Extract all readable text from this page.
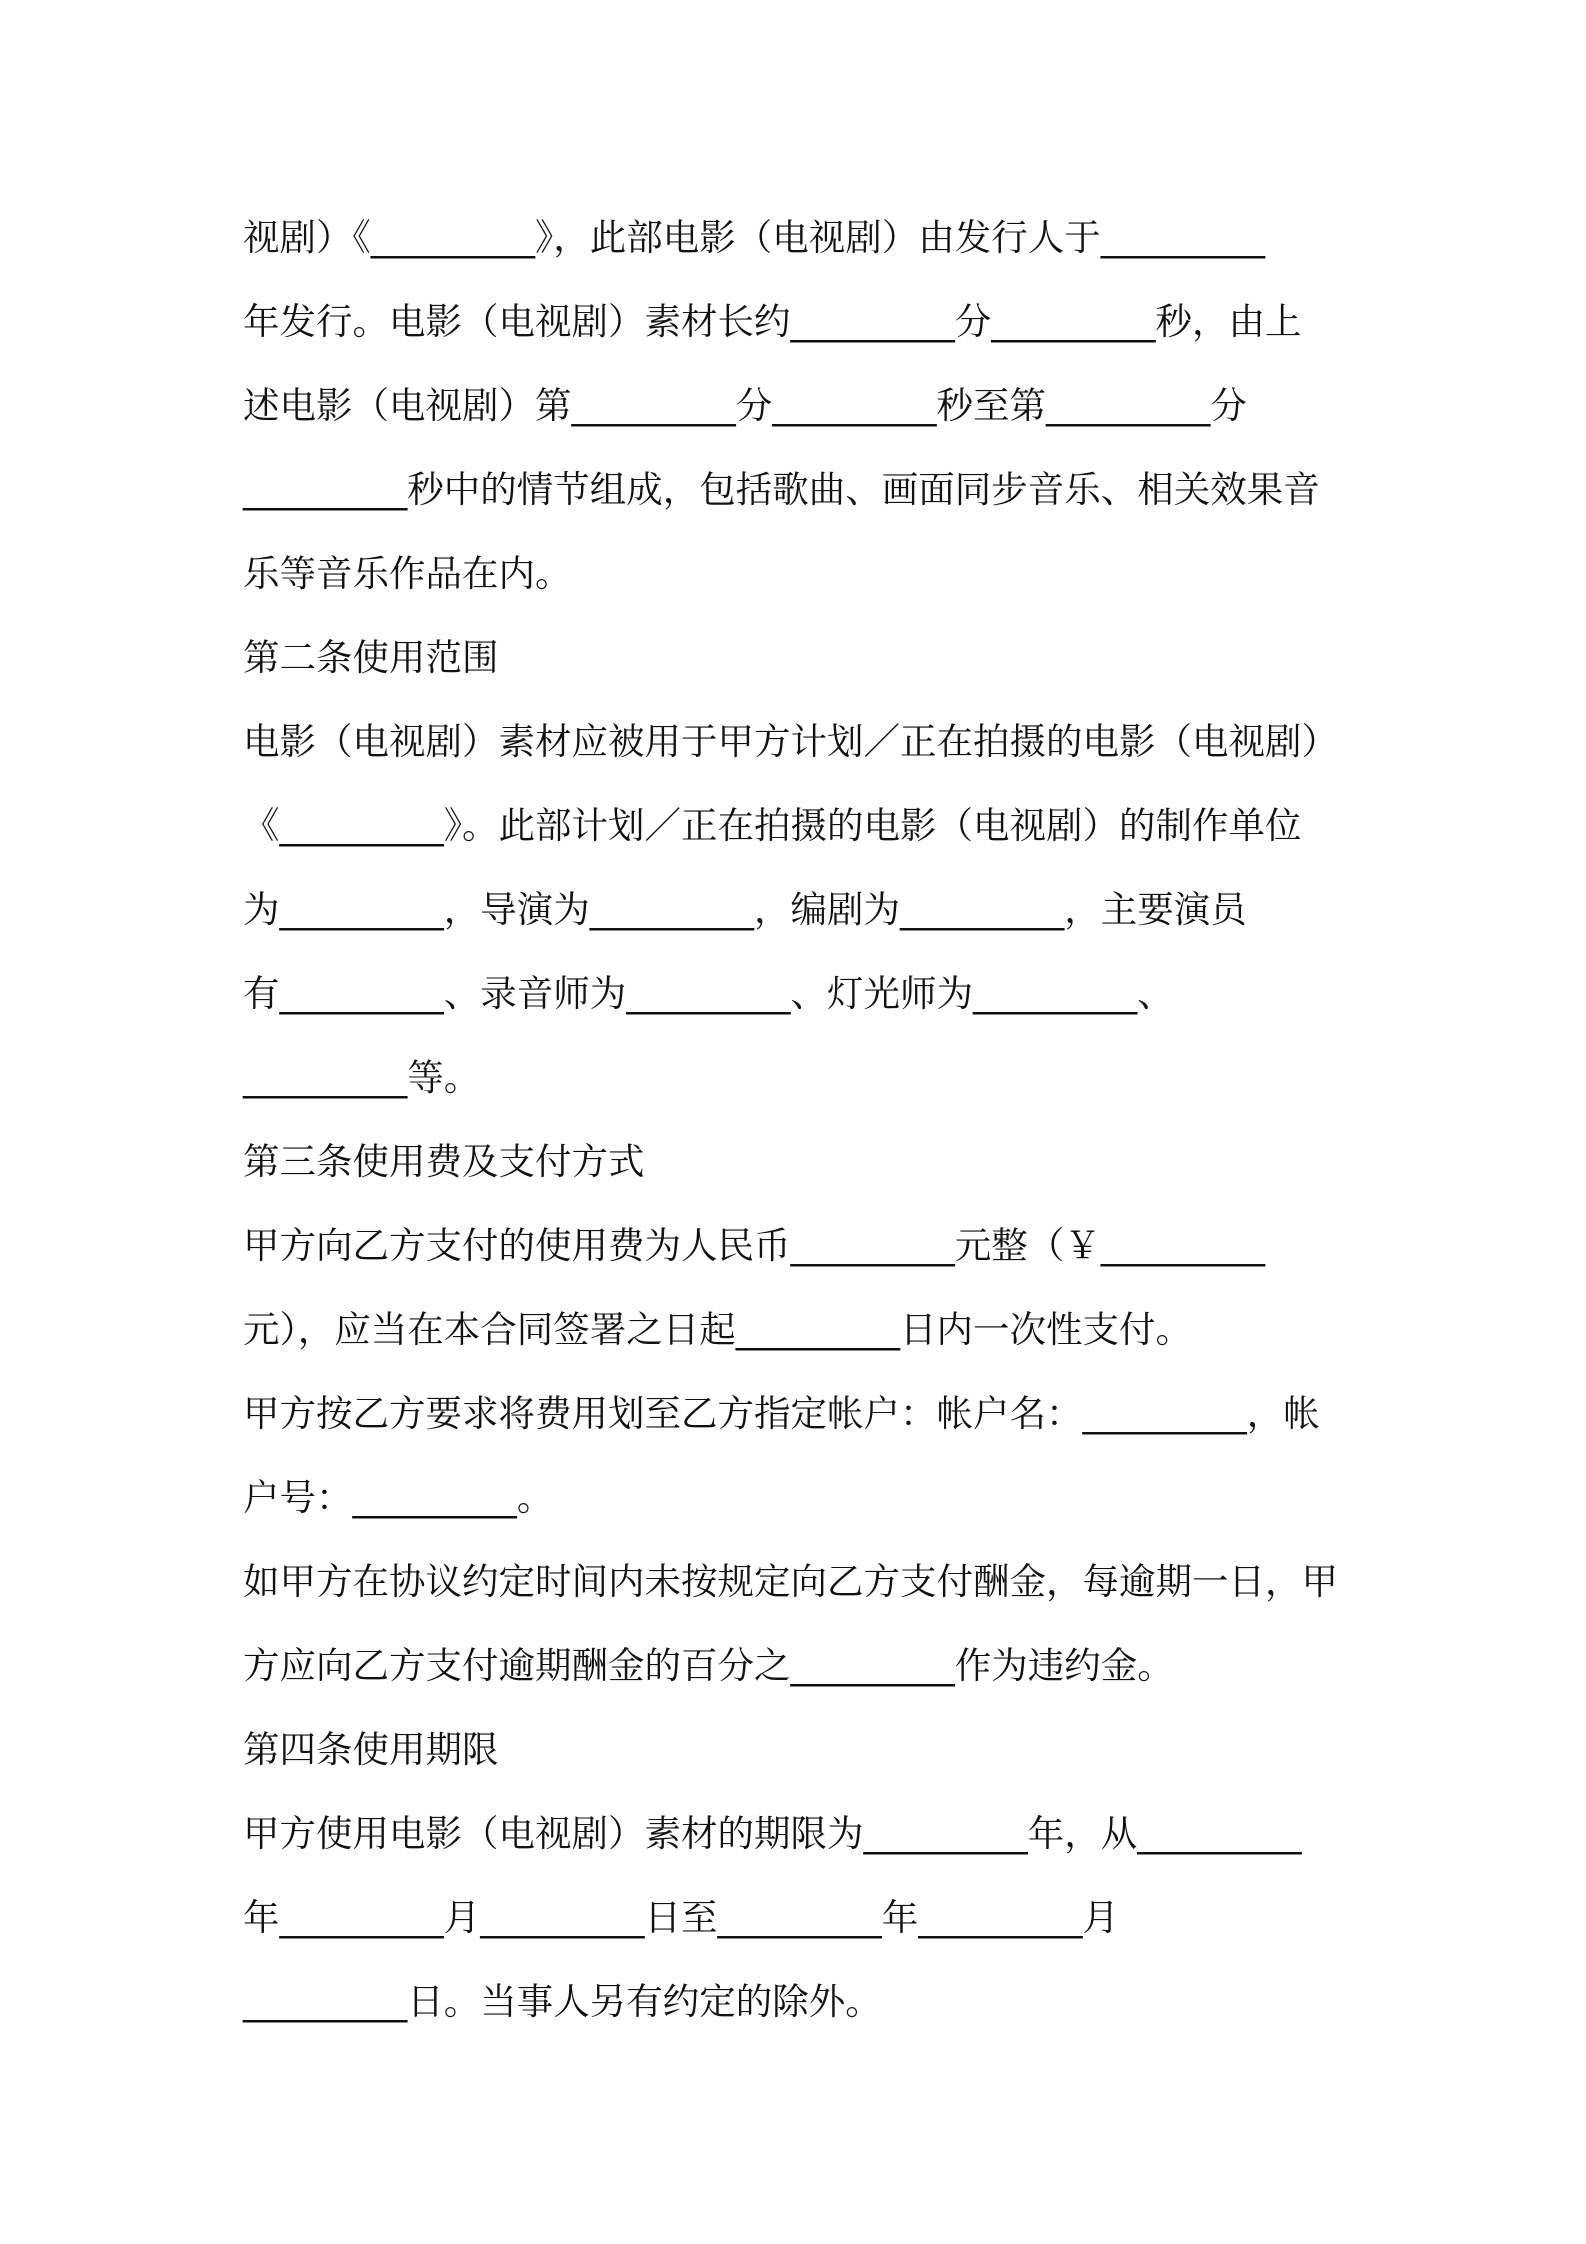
视剧）《_________》，此部电影（电视剧）由发行人于_________
年发行。电影（电视剧）素材长约_________分_________秒，由上
述电影（电视剧）第_________分_________秒至第_________分
_________秒中的情节组成，包括歌曲、画面同步音乐、相关效果音
乐等音乐作品在内。
第二条使用范围
电影（电视剧）素材应被用于甲方计划／正在拍摄的电影（电视剧）
《_________》。此部计划／正在拍摄的电影（电视剧）的制作单位
为_________，导演为_________，编剧为_________，主要演员
有_________、录音师为_________、灯光师为_________、
_________等。
第三条使用费及支付方式
甲方向乙方支付的使用费为人民币_________元整（￥_________
元），应当在本合同签署之日起_________日内一次性支付。
甲方按乙方要求将费用划至乙方指定帐户：帐户名：_________，帐
户号：_________。
如甲方在协议约定时间内未按规定向乙方支付酬金，每逾期一日，甲
方应向乙方支付逾期酬金的百分之_________作为违约金。
第四条使用期限
甲方使用电影（电视剧）素材的期限为_________年，从_________
年_________月_________日至_________年_________月
_________日。当事人另有约定的除外。
